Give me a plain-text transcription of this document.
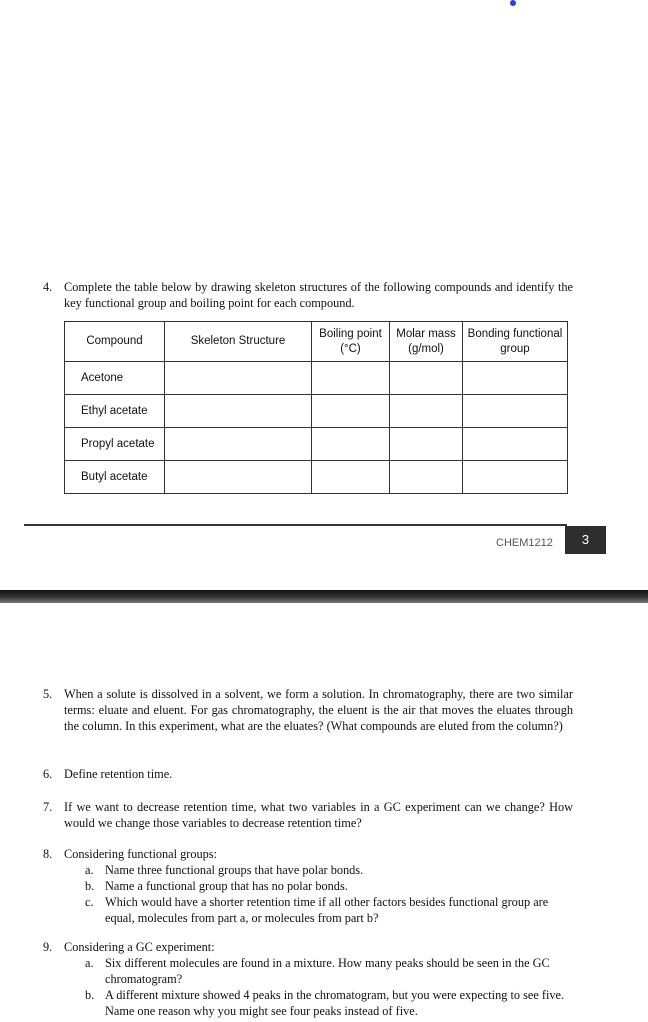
4. Complete the table below by drawing skeleton structures of the following compounds and identify the key functional group and boiling point for each compound.
Compound	Skeleton Structure	Boiling point (°C)	Molar mass (g/mol)	Bonding functional group
Acetone				
Ethyl acetate				
Propyl acetate				
Butyl acetate				
CHEM1212	3
5. When a solute is dissolved in a solvent, we form a solution. In chromatography, there are two similar terms: eluate and eluent. For gas chromatography, the eluent is the air that moves the eluates through the column. In this experiment, what are the eluates? (What compounds are eluted from the column?)
6. Define retention time.
7. If we want to decrease retention time, what two variables in a GC experiment can we change? How would we change those variables to decrease retention time?
8. Considering functional groups:
a. Name three functional groups that have polar bonds.
b. Name a functional group that has no polar bonds.
c. Which would have a shorter retention time if all other factors besides functional group are equal, molecules from part a, or molecules from part b?
9. Considering a GC experiment:
a. Six different molecules are found in a mixture. How many peaks should be seen in the GC chromatogram?
b. A different mixture showed 4 peaks in the chromatogram, but you were expecting to see five. Name one reason why you might see four peaks instead of five.
